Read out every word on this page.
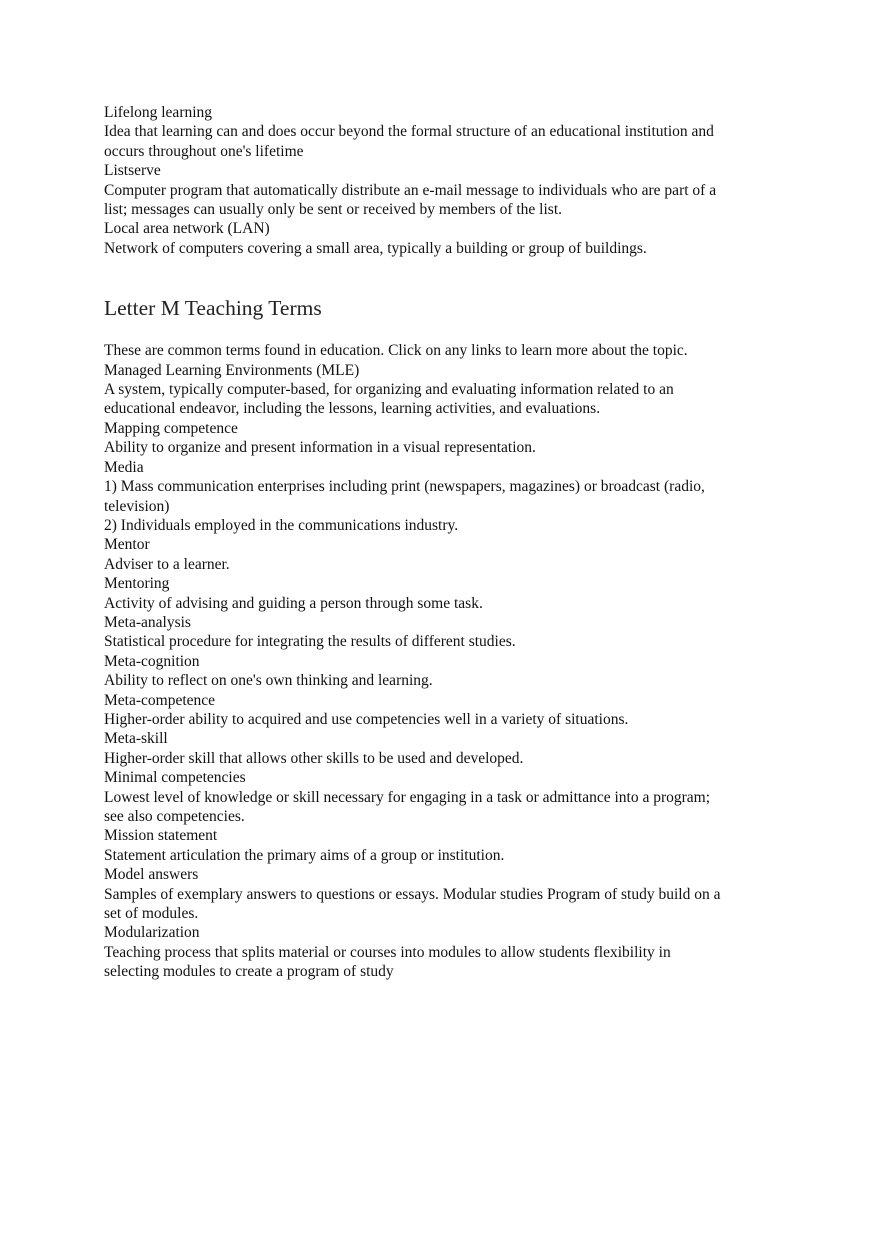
Lifelong learning

Idea that learning can and does occur beyond the formal structure of an educational institution and occurs throughout one's lifetime

Listserve

Computer program that automatically distribute an e-mail message to individuals who are part of a list; messages can usually only be sent or received by members of the list.

Local area network (LAN)

Network of computers covering a small area, typically a building or group of buildings.

Letter M Teaching Terms

These are common terms found in education. Click on any links to learn more about the topic.

Managed Learning Environments (MLE)

A system, typically computer-based, for organizing and evaluating information related to an educational endeavor, including the lessons, learning activities, and evaluations.

Mapping competence

Ability to organize and present information in a visual representation.

Media

1) Mass communication enterprises including print (newspapers, magazines) or broadcast (radio, television)

2) Individuals employed in the communications industry.

Mentor

Adviser to a learner.

Mentoring

Activity of advising and guiding a person through some task.

Meta-analysis

Statistical procedure for integrating the results of different studies.

Meta-cognition

Ability to reflect on one's own thinking and learning.

Meta-competence

Higher-order ability to acquired and use competencies well in a variety of situations.

Meta-skill

Higher-order skill that allows other skills to be used and developed.

Minimal competencies

Lowest level of knowledge or skill necessary for engaging in a task or admittance into a program; see also competencies.

Mission statement

Statement articulation the primary aims of a group or institution.

Model answers

Samples of exemplary answers to questions or essays. Modular studies Program of study build on a set of modules.

Modularization

Teaching process that splits material or courses into modules to allow students flexibility in selecting modules to create a program of study
